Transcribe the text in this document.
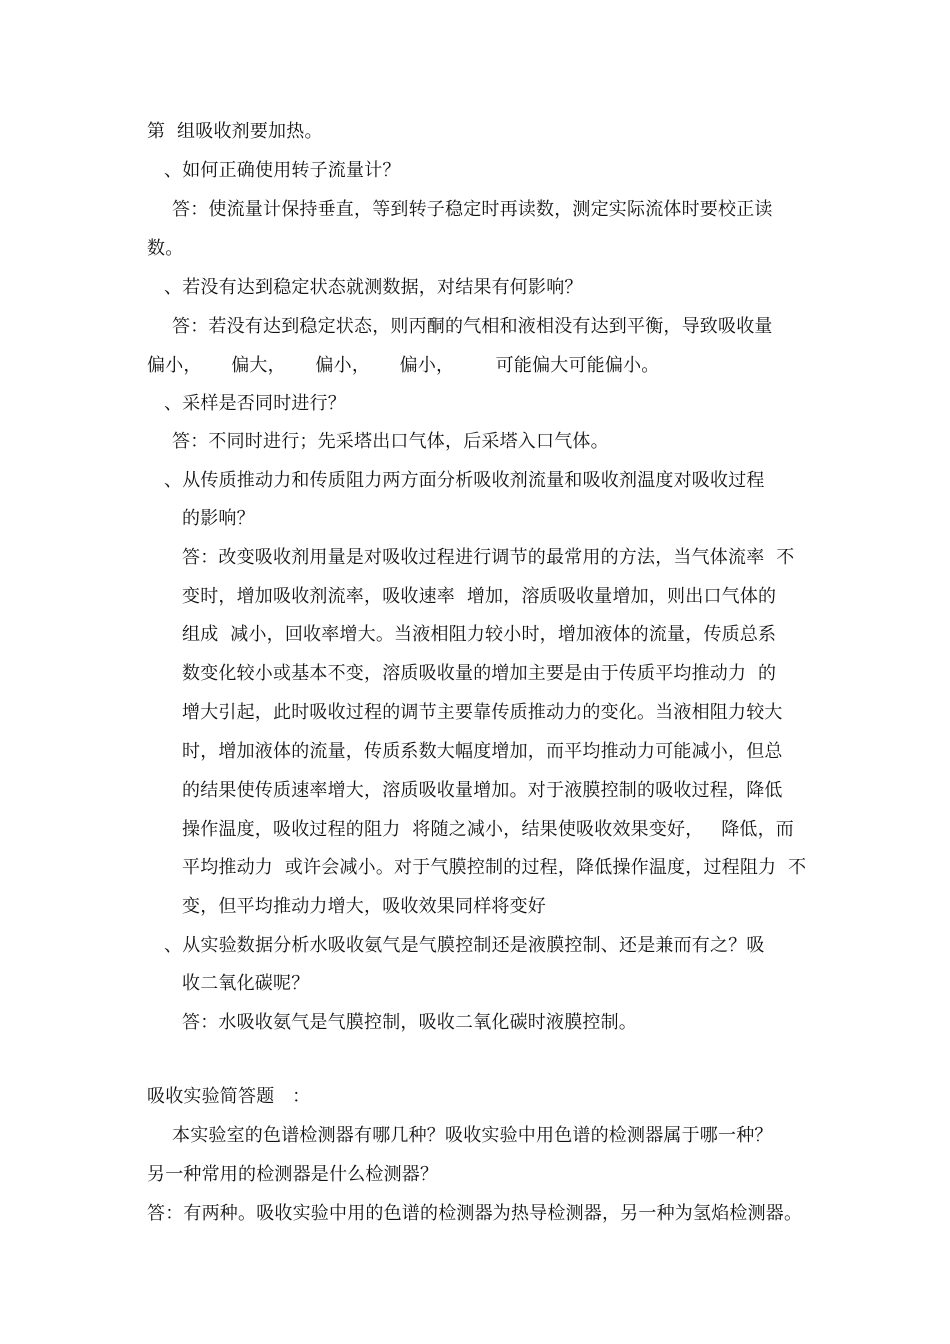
第  组吸收剂要加热。
、如何正确使用转子流量计？
答：使流量计保持垂直，等到转子稳定时再读数，测定实际流体时要校正读
数。
、若没有达到稳定状态就测数据，对结果有何影响？
答：若没有达到稳定状态，则丙酮的气相和液相没有达到平衡，导致吸收量
偏小，     偏大，     偏小，     偏小，       可能偏大可能偏小。
、采样是否同时进行？
答：不同时进行；先采塔出口气体，后采塔入口气体。
、从传质推动力和传质阻力两方面分析吸收剂流量和吸收剂温度对吸收过程
的影响？
答：改变吸收剂用量是对吸收过程进行调节的最常用的方法，当气体流率  不
变时，增加吸收剂流率，吸收速率  增加，溶质吸收量增加，则出口气体的
组成  减小，回收率增大。当液相阻力较小时，增加液体的流量，传质总系
数变化较小或基本不变，溶质吸收量的增加主要是由于传质平均推动力  的
增大引起，此时吸收过程的调节主要靠传质推动力的变化。当液相阻力较大
时，增加液体的流量，传质系数大幅度增加，而平均推动力可能减小，但总
的结果使传质速率增大，溶质吸收量增加。对于液膜控制的吸收过程，降低
操作温度，吸收过程的阻力  将随之减小，结果使吸收效果变好，   降低，而
平均推动力  或许会减小。对于气膜控制的过程，降低操作温度，过程阻力  不
变，但平均推动力增大，吸收效果同样将变好
、从实验数据分析水吸收氨气是气膜控制还是液膜控制、还是兼而有之？吸
收二氧化碳呢？
答：水吸收氨气是气膜控制，吸收二氧化碳时液膜控制。
吸收实验简答题   ：
本实验室的色谱检测器有哪几种？吸收实验中用色谱的检测器属于哪一种？
另一种常用的检测器是什么检测器？
答：有两种。吸收实验中用的色谱的检测器为热导检测器，另一种为氢焰检测器。
